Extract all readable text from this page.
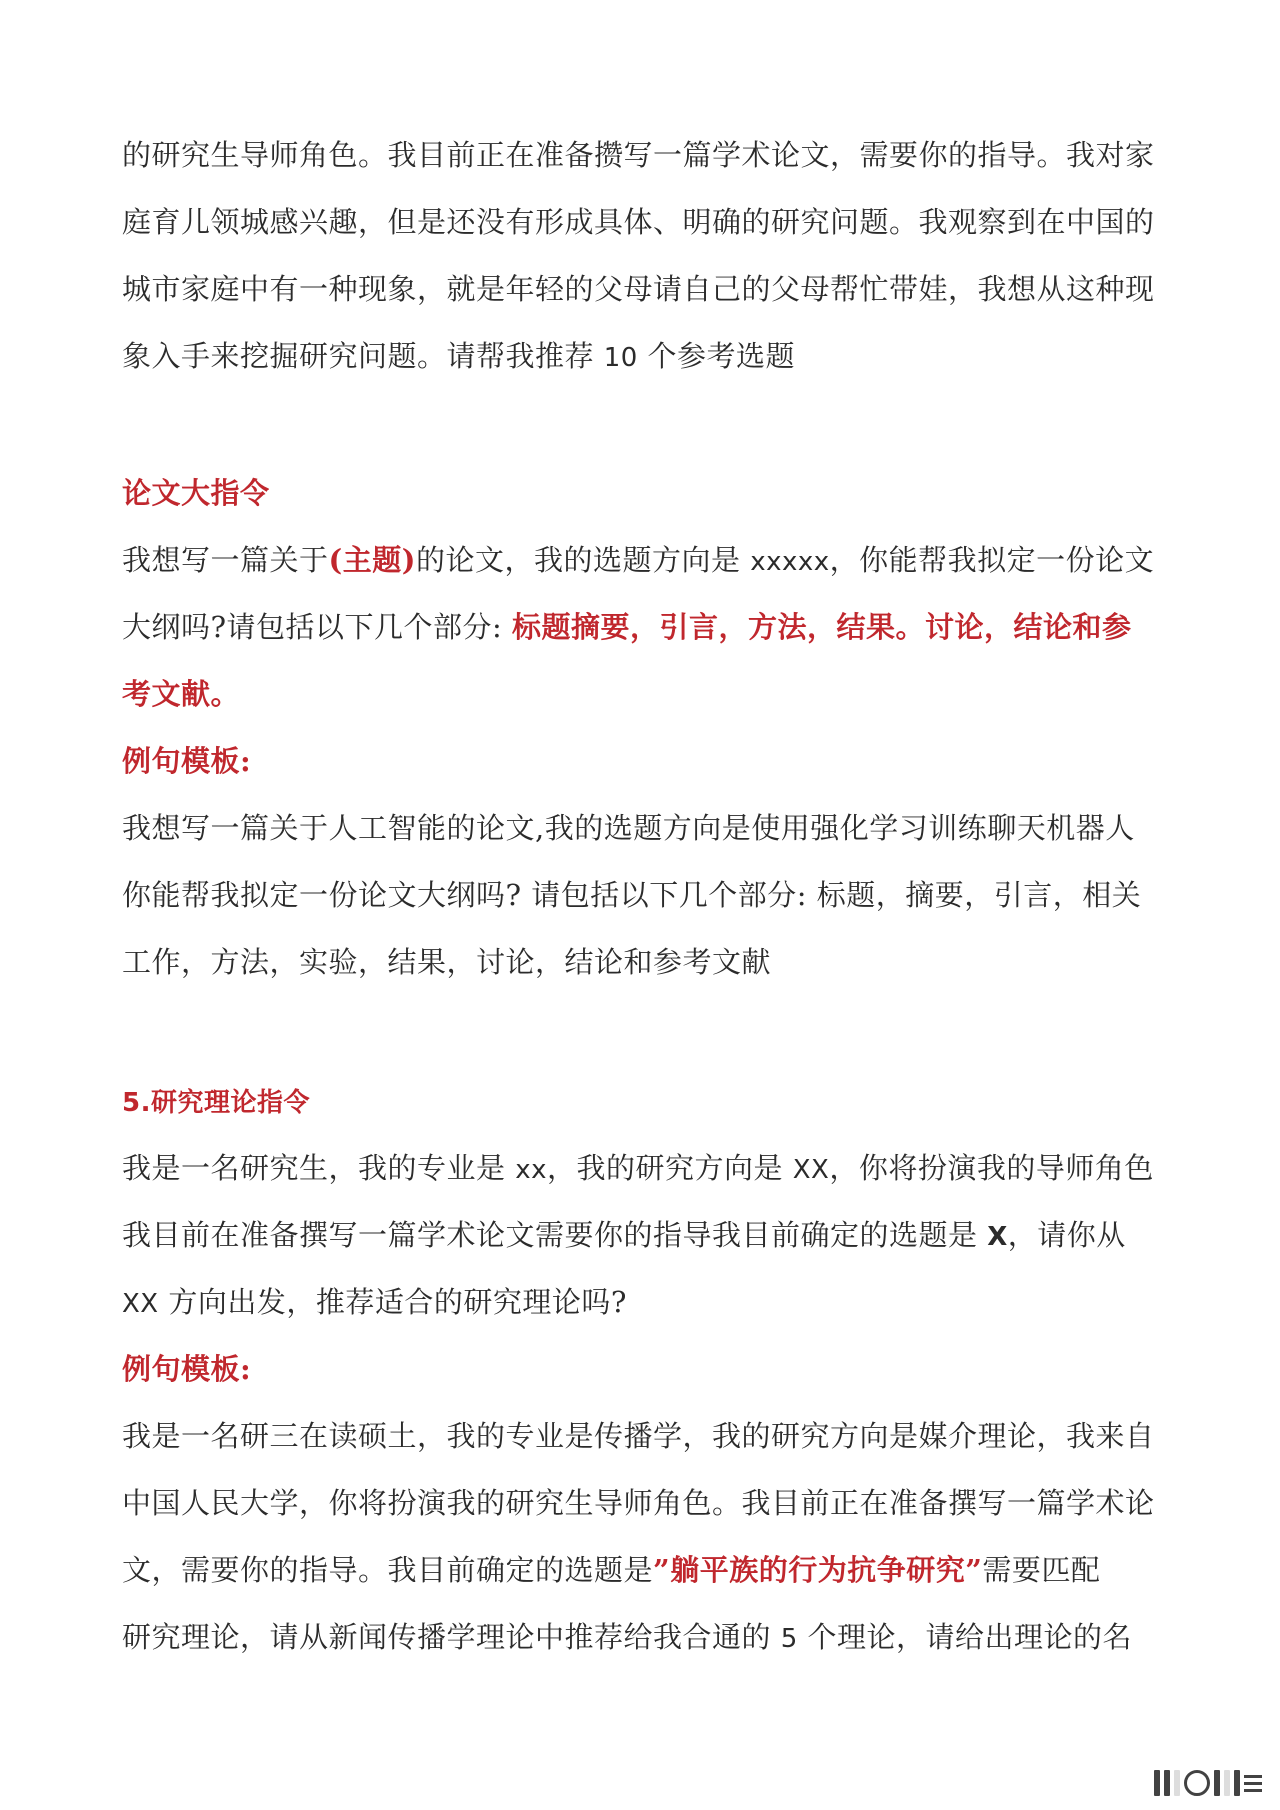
的研究生导师角色。我目前正在准备攒写一篇学术论文，需要你的指导。我对家
庭育儿领城感兴趣，但是还没有形成具体、明确的研究问题。我观察到在中国的
城市家庭中有一种现象，就是年轻的父母请自己的父母帮忙带娃，我想从这种现
象入手来挖掘研究问题。请帮我推荐 10 个参考选题
论文大指令
我想写一篇关于(主题)的论文，我的选题方向是 xxxxx，你能帮我拟定一份论文
大纲吗?请包括以下几个部分: 标题摘要，引言，方法，结果。讨论，结论和参
考文献。
例句模板:
我想写一篇关于人工智能的论文,我的选题方向是使用强化学习训练聊天机器人
你能帮我拟定一份论文大纲吗? 请包括以下几个部分: 标题，摘要，引言，相关
工作，方法，实验，结果，讨论，结论和参考文献
5.研究理论指令
我是一名研究生，我的专业是 xx，我的研究方向是 XX，你将扮演我的导师角色
我目前在准备撰写一篇学术论文需要你的指导我目前确定的选题是 X，请你从
XX 方向出发，推荐适合的研究理论吗?
例句模板:
我是一名研三在读硕土，我的专业是传播学，我的研究方向是媒介理论，我来自
中国人民大学，你将扮演我的研究生导师角色。我目前正在准备撰写一篇学术论
文，需要你的指导。我目前确定的选题是”躺平族的行为抗争研究”需要匹配
研究理论，请从新闻传播学理论中推荐给我合通的 5 个理论，请给出理论的名
